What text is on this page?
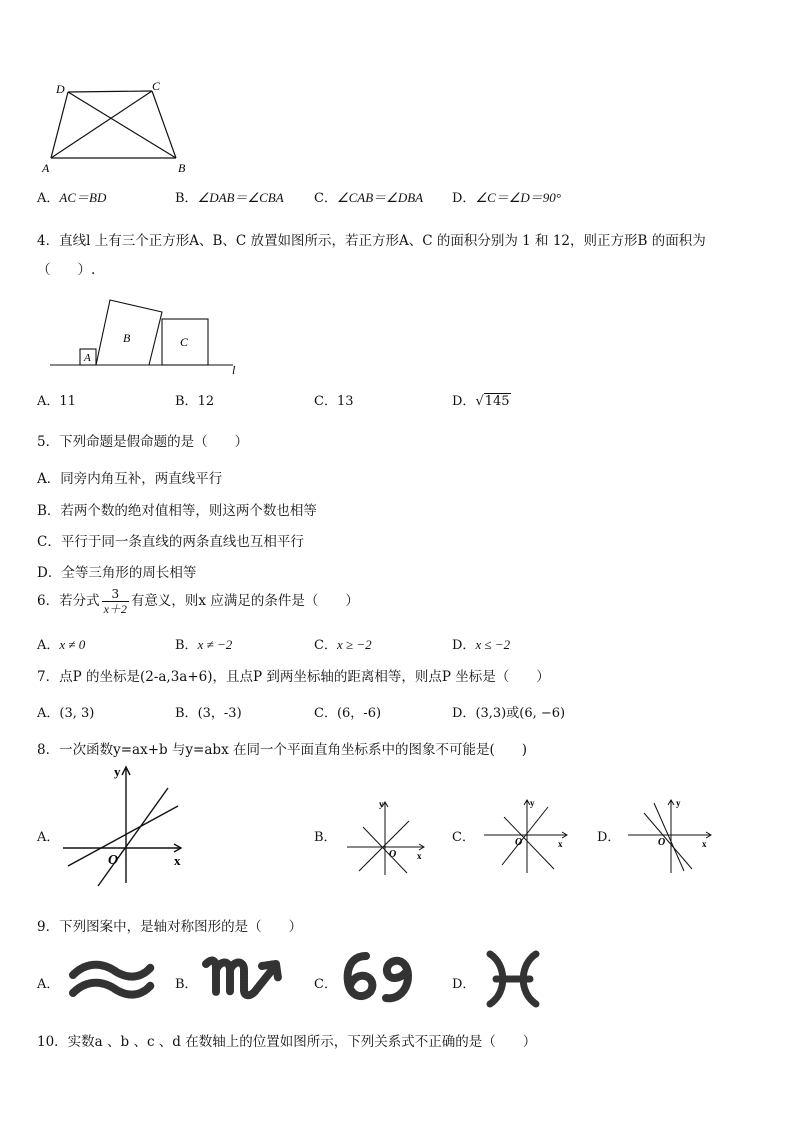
D	C
A	B
A．AC＝BD	B．∠DAB＝∠CBA C．∠CAB＝∠DBA D．∠C＝∠D＝90°
4．直线l 上有三个正方形A、B、C 放置如图所示，若正方形A、C 的面积分别为 1 和 12，则正方形B 的面积为
（　　）.
A
B	C
l
A．11	B．12	C．13	D．√145
5．下列命题是假命题的是（　　）
A．同旁内角互补，两直线平行
B．若两个数的绝对值相等，则这两个数也相等
C．平行于同一条直线的两条直线也互相平行
D．全等三角形的周长相等
6．若分式 $\frac{3}{x+2}$ 有意义，则x 应满足的条件是（　　）
A．x ≠ 0	B．x ≠ −2	C．x ≥ −2	D．x ≤ −2
7．点P 的坐标是(2-a,3a+6)，且点P 到两坐标轴的距离相等，则点P 坐标是（　　）
A．(3, 3)	B．(3，-3)	C．(6，-6)	D．(3,3)或(6, −6)
8．一次函数y=ax+b 与y=abx 在同一个平面直角坐标系中的图象不可能是(　　)
A．
y
x
O
B．
y
x
O
C．
y
x
O	D．
y
x
O
9．下列图案中，是轴对称图形的是（　　）
A．	B．	C．	D．
10．实数a 、b 、c 、d 在数轴上的位置如图所示，下列关系式不正确的是（　　）
